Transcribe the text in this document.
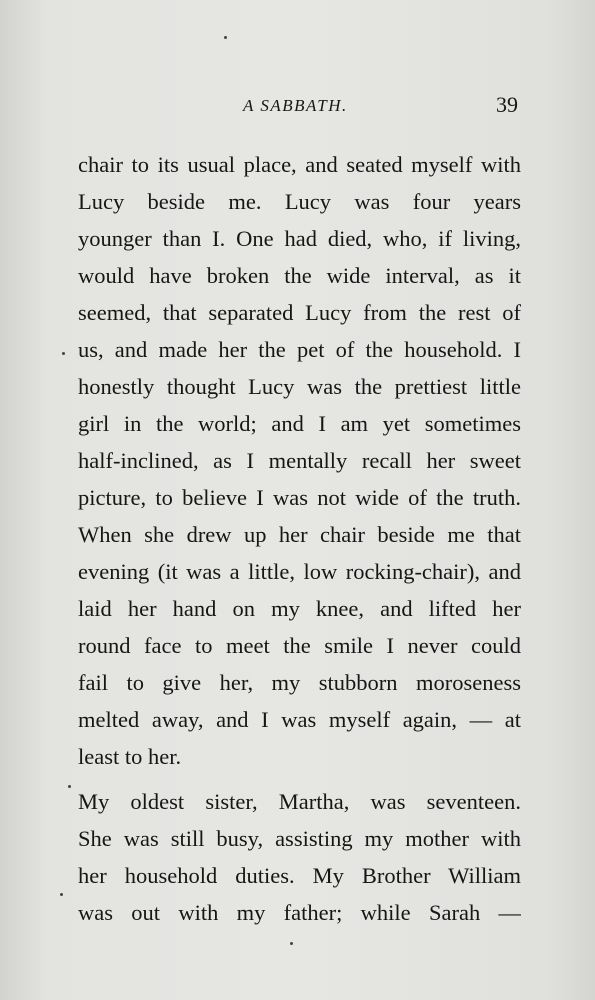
A SABBATH.	39
chair to its usual place, and seated myself with
Lucy beside me. Lucy was four years
younger than I. One had died, who, if living,
would have broken the wide interval, as it
seemed, that separated Lucy from the rest of
us, and made her the pet of the household. I
honestly thought Lucy was the prettiest little
girl in the world; and I am yet sometimes
half-inclined, as I mentally recall her sweet
picture, to believe I was not wide of the truth.
When she drew up her chair beside me that
evening (it was a little, low rocking-chair), and
laid her hand on my knee, and lifted her
round face to meet the smile I never could
fail to give her, my stubborn moroseness
melted away, and I was myself again, — at
least to her.
My oldest sister, Martha, was seventeen.
She was still busy, assisting my mother with
her household duties. My Brother William
was out with my father; while Sarah —
